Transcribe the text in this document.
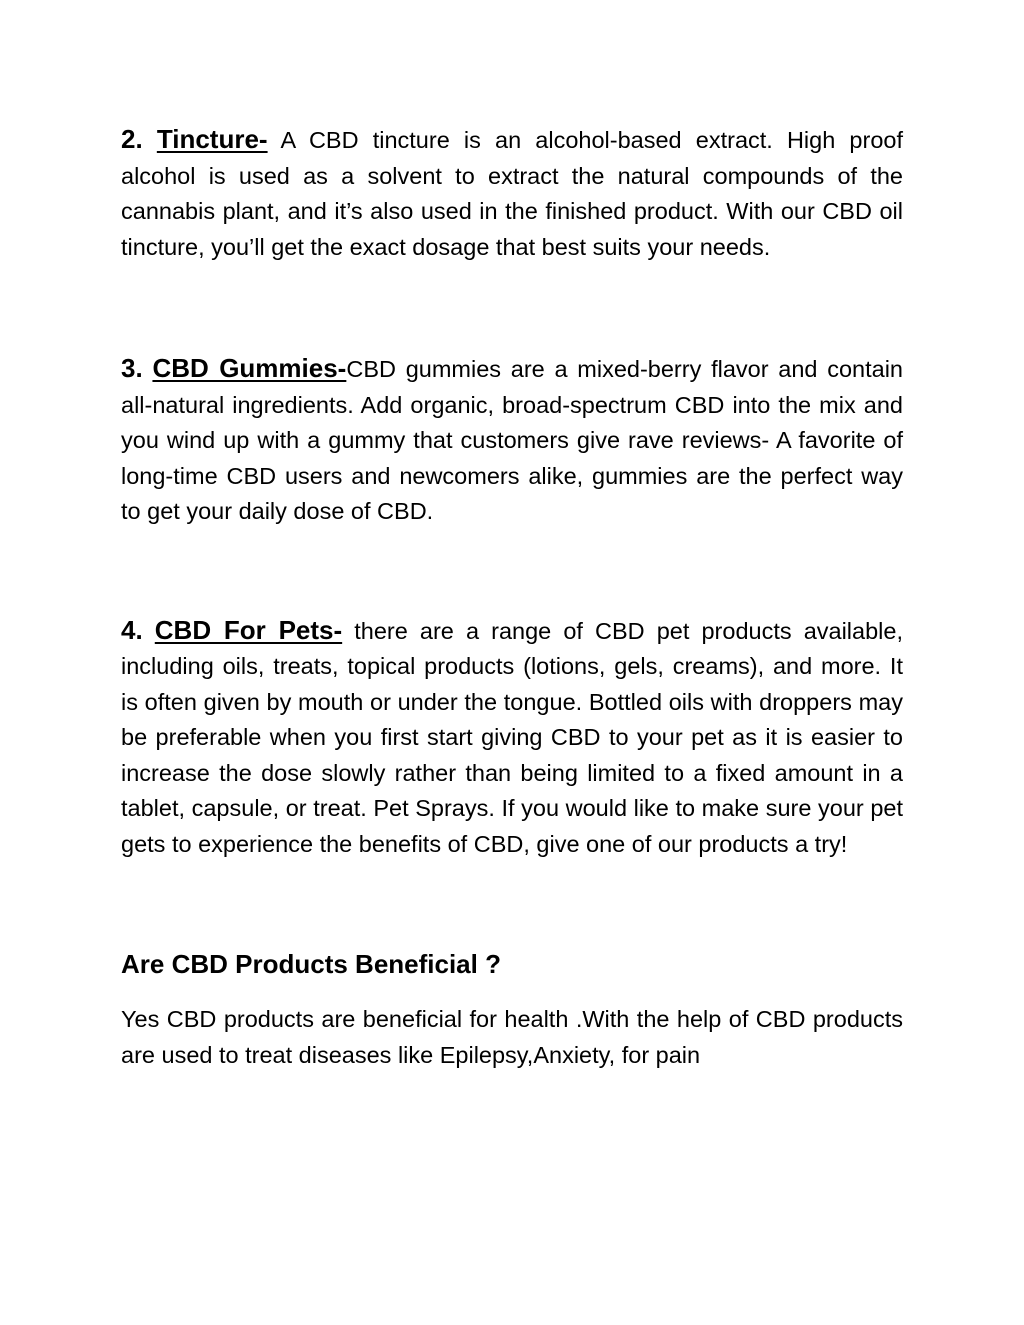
2. Tincture- A CBD tincture is an alcohol-based extract. High proof alcohol is used as a solvent to extract the natural compounds of the cannabis plant, and it’s also used in the finished product. With our CBD oil tincture, you’ll get the exact dosage that best suits your needs.

3. CBD Gummies-CBD gummies are a mixed-berry flavor and contain all-natural ingredients. Add organic, broad-spectrum CBD into the mix and you wind up with a gummy that customers give rave reviews- A favorite of long-time CBD users and newcomers alike, gummies are the perfect way to get your daily dose of CBD.

4. CBD For Pets- there are a range of CBD pet products available, including oils, treats, topical products (lotions, gels, creams), and more. It is often given by mouth or under the tongue. Bottled oils with droppers may be preferable when you first start giving CBD to your pet as it is easier to increase the dose slowly rather than being limited to a fixed amount in a tablet, capsule, or treat. Pet Sprays. If you would like to make sure your pet gets to experience the benefits of CBD, give one of our products a try!

Are CBD Products Beneficial ?

Yes CBD products are beneficial for health .With the help of CBD products are used to treat diseases like Epilepsy,Anxiety, for pain
